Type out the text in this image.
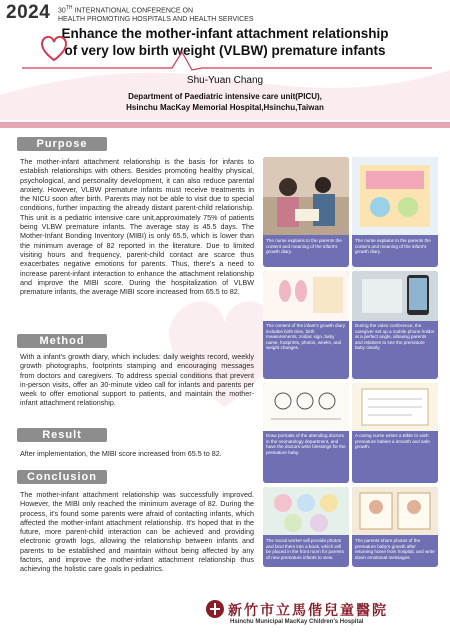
2024 30TH INTERNATIONAL CONFERENCE ON
HEALTH PROMOTING HOSPITALS AND HEALTH SERVICES
Enhance the mother-infant attachment relationship
of very low birth weight (VLBW) premature infants
Shu-Yuan Chang
Department of Paediatric intensive care unit(PICU),
Hsinchu MacKay Memorial Hospital,Hsinchu,Taiwan
Purpose
The mother-infant attachment relationship is the basis for infants to establish relationships with others. Besides promoting healthy physical, psychological, and personality development, it can also reduce parental anxiety. However, VLBW premature infants must receive treatments in the NICU soon after birth. Parents may not be able to visit due to special conditions, further impacting the already distant parent-child relationship. This unit is a pediatric intensive care unit,approximately 75% of patients being VLBW premature infants. The average stay is 45.5 days. The Mother-Infant Bonding Inventory (MIBI) is only 65.5, which is lower than the minimum average of 82 reported in the literature. Due to limited visiting hours and frequency, parent-child contact are scarce thus exacerbates negative emotions for parents. Thus, there's a need to increase parent-infant interaction to enhance the attachment relationship and improve the MIBI score. During the hospitalization of VLBW premature infants, the average MIBI score increased from 65.5 to 82.
Method
With a infant's growth diary, which includes: daily weights record, weekly growth photographs, footprints stamping and encouraging messages from doctors and caregivers. To address special conditions that prevent in-person visits, offer an 30-minute video call for infants and parents per week to offer emotional support to patients, and maintain the mother-infant attachment relationship.
Result
After implementation, the MIBI score increased from 65.5 to 82.
Conclusion
The mother-infant attachment relationship was successfully improved. However, the MIBI only reached the minimum average of 82. During the process, it's found some parents were afraid of contacting infants, which affected the mother-infant attachment relationship. It's hoped that in the future, more parent-child interaction can be achieved and providing electronic growth logs, allowing the relationship between infants and parents to be established and maintain without being affected by any factors, and improve the mother-infant attachment relationship thus achieving the holistic care goals in pediatrics.
The nurse explains to the parents the content and meaning of the infant's growth diary.
The nurse explains to the parents the content and meaning of the infant's growth diary.
The content of the infant's growth diary includes birth time, birth measurements, zodiac sign, baby name, footprints, photos, weeks, and weight changes.
During the video conference, the caregiver set up a mobile phone holder at a perfect angle, allowing parents and relatives to see the premature baby clearly.
Draw portraits of the attending doctors in the neonatology department, and have the doctors write blessings for the premature baby.
A caring nurse writes a Bible to wish premature babies a smooth and safe growth.
The social worker will provide photos and bind them into a book, which will be placed in the front room for parents of new premature infants to view.
The parents share photos of the premature baby's growth after returning home from hospital, and write down emotional messages.
新竹市立馬偕兒童醫院
Hsinchu Municipal MacKay Children's Hospital
